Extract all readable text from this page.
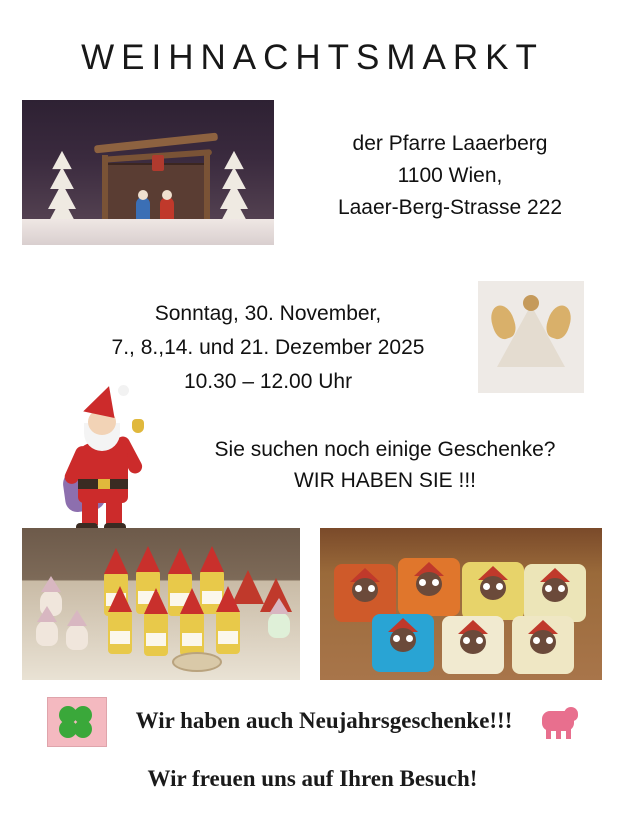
WEIHNACHTSMARKT
der Pfarre Laaerberg
1100 Wien,
Laaer-Berg-Strasse 222
Sonntag, 30. November,
7., 8.,14. und 21. Dezember 2025
10.30 – 12.00 Uhr
Sie suchen noch einige Geschenke?
WIR HABEN SIE !!!
Wir haben auch Neujahrsgeschenke!!!
Wir freuen uns auf Ihren Besuch!
